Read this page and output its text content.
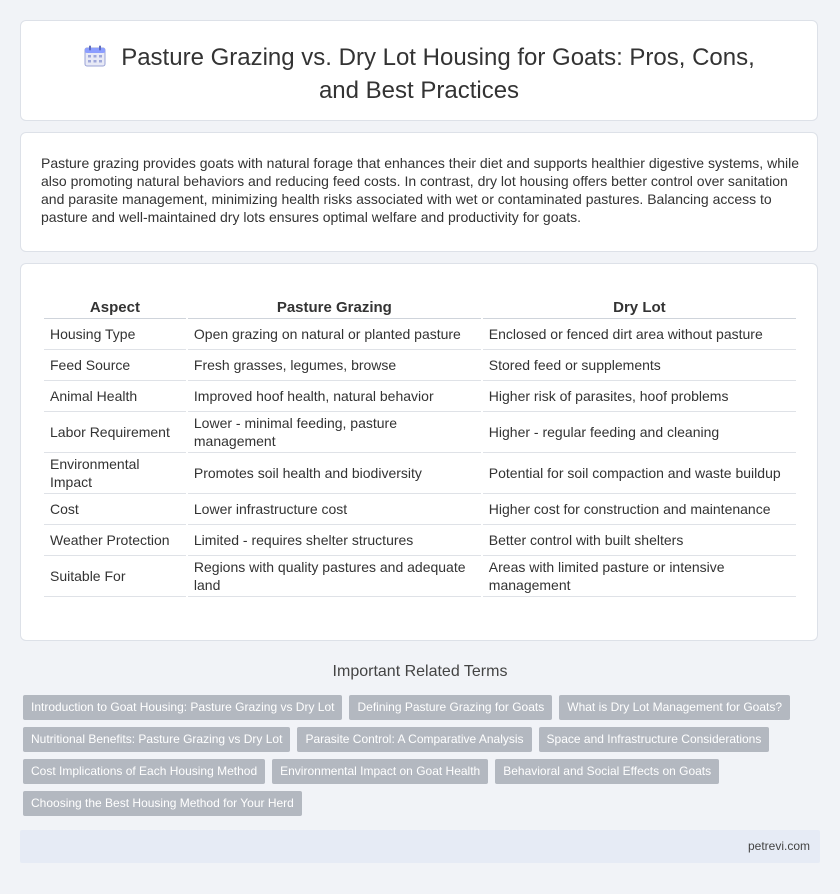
Pasture Grazing vs. Dry Lot Housing for Goats: Pros, Cons, and Best Practices

Pasture grazing provides goats with natural forage that enhances their diet and supports healthier digestive systems, while also promoting natural behaviors and reducing feed costs. In contrast, dry lot housing offers better control over sanitation and parasite management, minimizing health risks associated with wet or contaminated pastures. Balancing access to pasture and well-maintained dry lots ensures optimal welfare and productivity for goats.

Aspect	Pasture Grazing	Dry Lot
Housing Type	Open grazing on natural or planted pasture	Enclosed or fenced dirt area without pasture
Feed Source	Fresh grasses, legumes, browse	Stored feed or supplements
Animal Health	Improved hoof health, natural behavior	Higher risk of parasites, hoof problems
Labor Requirement	Lower - minimal feeding, pasture management	Higher - regular feeding and cleaning
Environmental Impact	Promotes soil health and biodiversity	Potential for soil compaction and waste buildup
Cost	Lower infrastructure cost	Higher cost for construction and maintenance
Weather Protection	Limited - requires shelter structures	Better control with built shelters
Suitable For	Regions with quality pastures and adequate land	Areas with limited pasture or intensive management
Important Related Terms
Introduction to Goat Housing: Pasture Grazing vs Dry Lot	Defining Pasture Grazing for Goats	What is Dry Lot Management for Goats?
Nutritional Benefits: Pasture Grazing vs Dry Lot	Parasite Control: A Comparative Analysis	Space and Infrastructure Considerations
Cost Implications of Each Housing Method	Environmental Impact on Goat Health	Behavioral and Social Effects on Goats
Choosing the Best Housing Method for Your Herd
petrevi.com
